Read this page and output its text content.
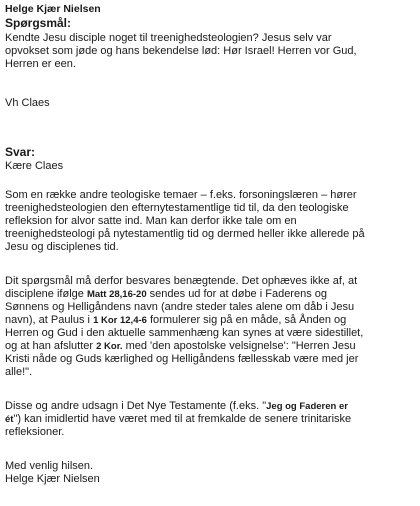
Helge Kjær Nielsen
Spørgsmål:
Kendte Jesu disciple noget til treenighedsteologien? Jesus selv var
opvokset som jøde og hans bekendelse lød: Hør Israel! Herren vor Gud,
Herren er een.
Vh Claes
Svar:
Kære Claes
Som en række andre teologiske temaer – f.eks. forsoningslæren – hører
treenighedsteologien den efternytestamentlige tid til, da den teologiske
refleksion for alvor satte ind. Man kan derfor ikke tale om en
treenighedsteologi på nytestamentlig tid og dermed heller ikke allerede på
Jesu og disciplenes tid.
Dit spørgsmål må derfor besvares benægtende. Det ophæves ikke af, at
disciplene ifølge Matt 28,16-20 sendes ud for at døbe i Faderens og
Sønnens og Helligåndens navn (andre steder tales alene om dåb i Jesu
navn), at Paulus i 1 Kor 12,4-6 formulerer sig på en måde, så Ånden og
Herren og Gud i den aktuelle sammenhæng kan synes at være sidestillet,
og at han afslutter 2 Kor. med 'den apostolske velsignelse': "Herren Jesu
Kristi nåde og Guds kærlighed og Helligåndens fællesskab være med jer
alle!".
Disse og andre udsagn i Det Nye Testamente (f.eks. "Jeg og Faderen er
ét") kan imidlertid have været med til at fremkalde de senere trinitariske
refleksioner.
Med venlig hilsen.
Helge Kjær Nielsen
